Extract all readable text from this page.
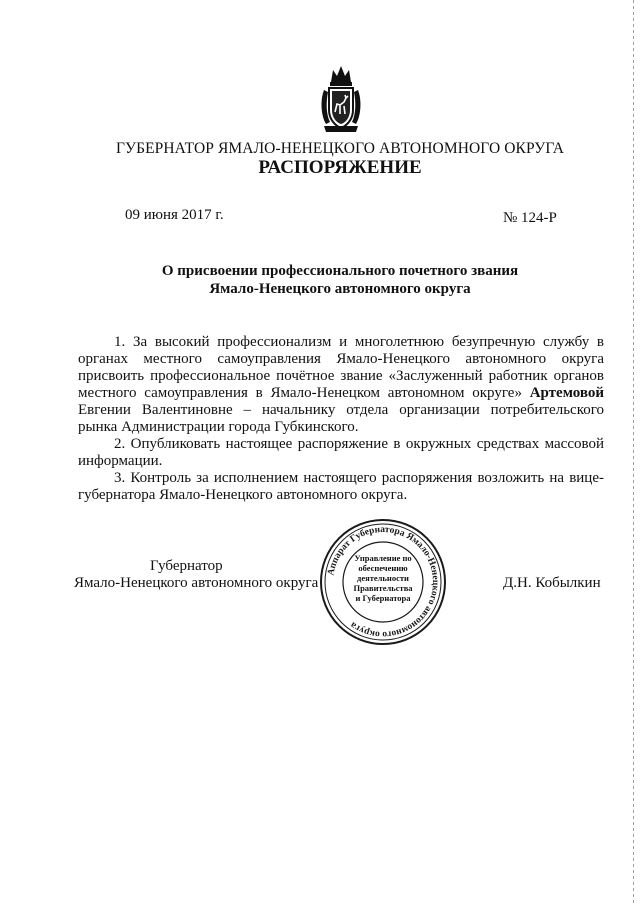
ГУБЕРНАТОР ЯМАЛО-НЕНЕЦКОГО АВТОНОМНОГО ОКРУГА
РАСПОРЯЖЕНИЕ
09 июня 2017 г.	№ 124-Р
О присвоении профессионального почетного звания
Ямало-Ненецкого автономного округа

1. За высокий профессионализм и многолетнюю безупречную службу в органах местного самоуправления Ямало-Ненецкого автономного округа присвоить профессиональное почётное звание «Заслуженный работник органов местного самоуправления в Ямало-Ненецком автономном округе» Артемовой Евгении Валентиновне – начальнику отдела организации потребительского рынка Администрации города Губкинского.

2. Опубликовать настоящее распоряжение в окружных средствах массовой информации.

3. Контроль за исполнением настоящего распоряжения возложить на вице-губернатора Ямало-Ненецкого автономного округа.

Губернатор
Ямало-Ненецкого автономного округа	Д.Н. Кобылкин
Аппарат Губернатора Ямало-Ненецкого автономного округа
Управление по
обеспечению
деятельности
Правительства
и Губернатора
